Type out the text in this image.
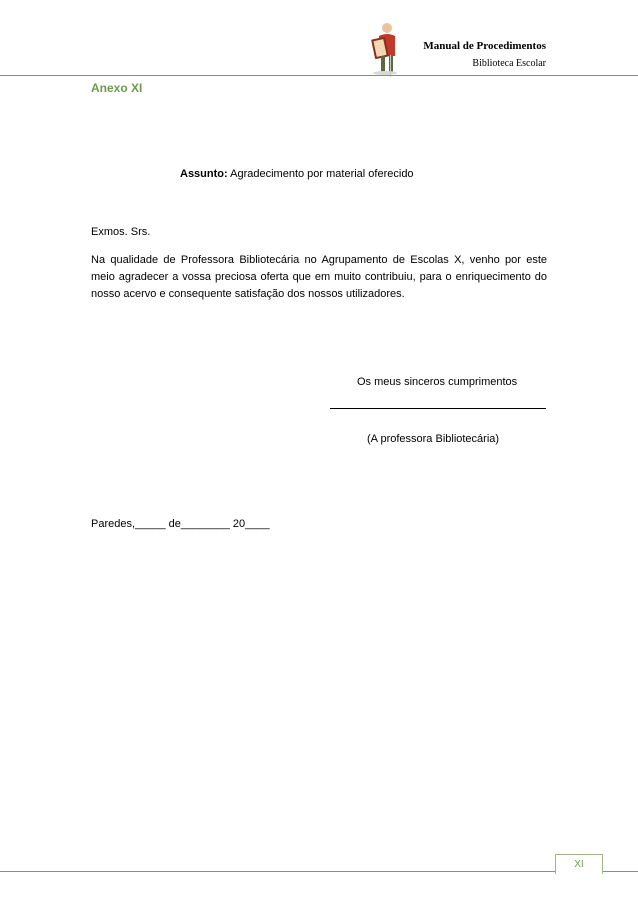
Manual de Procedimentos
Biblioteca Escolar
Anexo XI
Assunto: Agradecimento por material oferecido
Exmos. Srs.
Na qualidade de Professora Bibliotecária no Agrupamento de Escolas X, venho por este meio agradecer a vossa preciosa oferta que em muito contribuiu, para o enriquecimento do nosso acervo e consequente satisfação dos nossos utilizadores.
Os meus sinceros cumprimentos
(A professora Bibliotecária)
Paredes,_____ de________ 20____
XI
